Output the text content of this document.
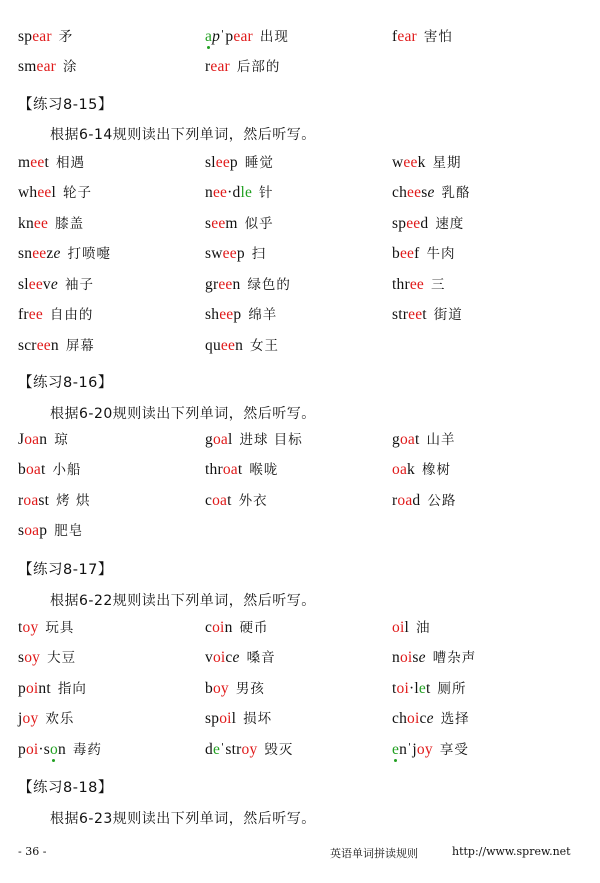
spear 矛	apˈpear 出现	fear 害怕
smear 涂	rear 后部的
【练习8-15】
根据6-14规则读出下列单词，然后听写。
meet 相遇	sleep 睡觉	week 星期
wheel 轮子	nee·dle 针	cheese 乳酪
knee 膝盖	seem 似乎	speed 速度
sneeze 打喷嚏	sweep 扫	beef 牛肉
sleeve 袖子	green 绿色的	three 三
free 自由的	sheep 绵羊	street 街道
screen 屏幕	queen 女王
【练习8-16】
根据6-20规则读出下列单词，然后听写。
Joan 琼	goal 进球 目标	goat 山羊
boat 小船	throat 喉咙	oak 橡树
roast 烤 烘	coat 外衣	road 公路
soap 肥皂
【练习8-17】
根据6-22规则读出下列单词，然后听写。
toy 玩具	coin 硬币	oil 油
soy 大豆	voice 嗓音	noise 嘈杂声
point 指向	boy 男孩	toi·let 厕所
joy 欢乐	spoil 损坏	choice 选择
poi·son 毒药	deˈstroy 毁灭	enˈjoy 享受
【练习8-18】
根据6-23规则读出下列单词，然后听写。
- 36 -	英语单词拼读规则	http://www.sprew.net
